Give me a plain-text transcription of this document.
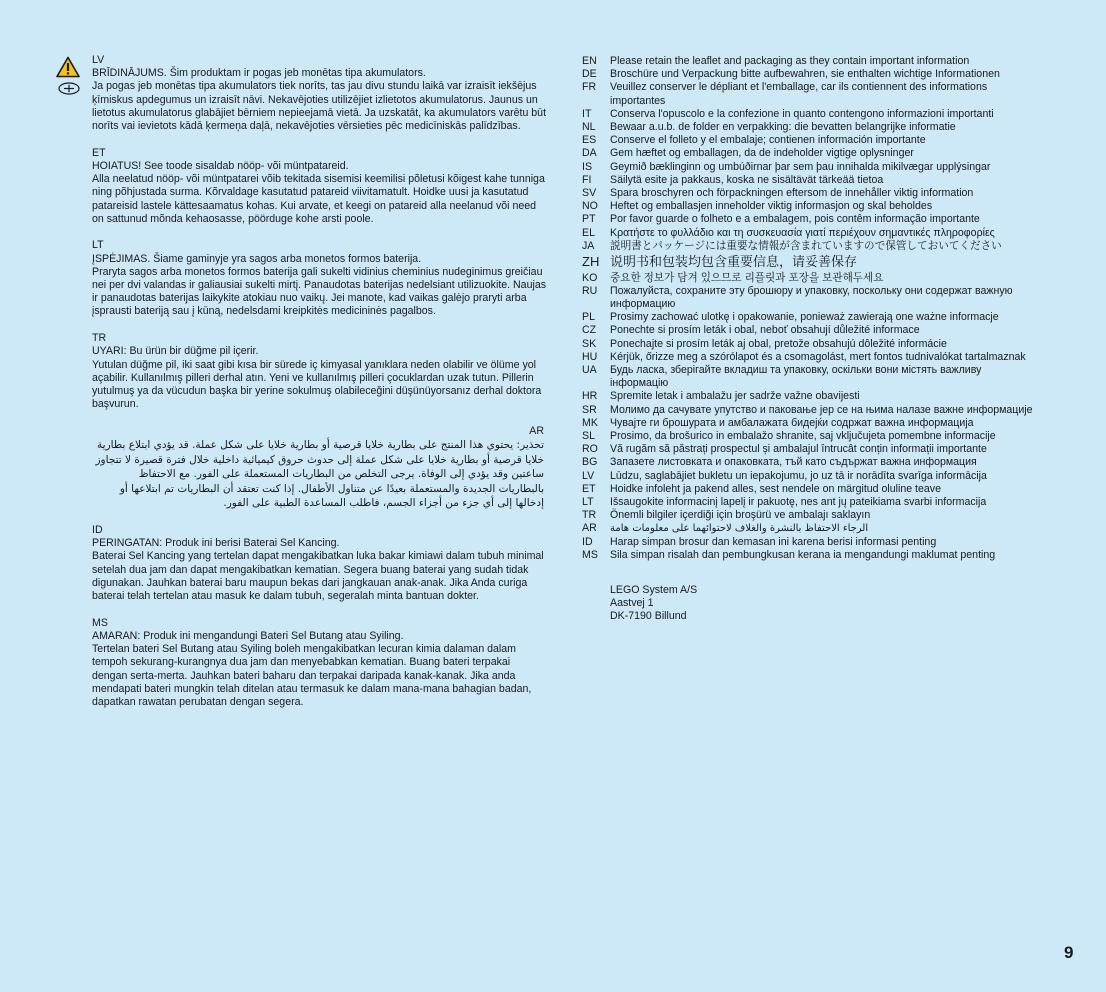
LV

BRĪDINĀJUMS. Šim produktam ir pogas jeb monētas tipa akumulators.

Ja pogas jeb monētas tipa akumulators tiek norīts, tas jau divu stundu laikā var izraisīt iekšējus ķīmiskus apdegumus un izraisīt nāvi. Nekavējoties utilizējiet izlietotos akumulatorus. Jaunus un lietotus akumulatorus glabājiet bērniem nepieejamā vietā. Ja uzskatāt, ka akumulators varētu būt norīts vai ievietots kādā ķermeņa daļā, nekavējoties vērsieties pēc medicīniskās palīdzības.

ET

HOIATUS! See toode sisaldab nööp- või müntpatareid.

Alla neelatud nööp- või müntpatarei võib tekitada sisemisi keemilisi põletusi kõigest kahe tunniga ning põhjustada surma. Kõrvaldage kasutatud patareid viivitamatult. Hoidke uusi ja kasutatud patareisid lastele kättesaamatus kohas. Kui arvate, et keegi on patareid alla neelanud või need on sattunud mõnda kehaosasse, pöörduge kohe arsti poole.

LT

ĮSPĖJIMAS. Šiame gaminyje yra sagos arba monetos formos baterija.

Praryta sagos arba monetos formos baterija gali sukelti vidinius cheminius nudeginimus greičiau nei per dvi valandas ir galiausiai sukelti mirtį. Panaudotas baterijas nedelsiant utilizuokite. Naujas ir panaudotas baterijas laikykite atokiau nuo vaikų. Jei manote, kad vaikas galėjo praryti arba įsprausti bateriją sau į kūną, nedelsdami kreipkitės medicininės pagalbos.

TR

UYARI: Bu ürün bir düğme pil içerir.

Yutulan düğme pil, iki saat gibi kısa bir sürede iç kimyasal yanıklara neden olabilir ve ölüme yol açabilir. Kullanılmış pilleri derhal atın. Yeni ve kullanılmış pilleri çocuklardan uzak tutun. Pillerin yutulmuş ya da vücudun başka bir yerine sokulmuş olabileceğini düşünüyorsanız derhal doktora başvurun.

AR

تحذير: يحتوي هذا المنتج على بطارية خلايا قرصية أو بطارية خلايا على شكل عملة. قد يؤدي ابتلاع بطارية خلايا قرصية أو بطارية خلايا على شكل عملة إلى حدوث حروق كيميائية داخلية خلال فترة قصيرة لا تتجاوز ساعتين وقد يؤدي إلى الوفاة. يرجى التخلص من البطاريات المستعملة على الفور. مع الاحتفاظ بالبطاريات الجديدة والمستعملة بعيدًا عن متناول الأطفال. إذا كنت تعتقد أن البطاريات تم ابتلاعها أو إدخالها إلى أي جزء من أجزاء الجسم، فاطلب المساعدة الطبية على الفور.

ID

PERINGATAN: Produk ini berisi Baterai Sel Kancing.

Baterai Sel Kancing yang tertelan dapat mengakibatkan luka bakar kimiawi dalam tubuh minimal setelah dua jam dan dapat mengakibatkan kematian. Segera buang baterai yang sudah tidak digunakan. Jauhkan baterai baru maupun bekas dari jangkauan anak-anak. Jika Anda curiga baterai telah tertelan atau masuk ke dalam tubuh, segeralah minta bantuan dokter.

MS

AMARAN: Produk ini mengandungi Bateri Sel Butang atau Syiling.

Tertelan bateri Sel Butang atau Syiling boleh mengakibatkan lecuran kimia dalaman dalam tempoh sekurang-kurangnya dua jam dan menyebabkan kematian. Buang bateri terpakai dengan serta-merta. Jauhkan bateri baharu dan terpakai daripada kanak-kanak. Jika anda mendapati bateri mungkin telah ditelan atau termasuk ke dalam mana-mana bahagian badan, dapatkan rawatan perubatan dengan segera.

EN	Please retain the leaflet and packaging as they contain important information
DE	Broschüre und Verpackung bitte aufbewahren, sie enthalten wichtige Informationen
FR	Veuillez conserver le dépliant et l'emballage, car ils contiennent des informations importantes
IT	Conserva l'opuscolo e la confezione in quanto contengono informazioni importanti
NL	Bewaar a.u.b. de folder en verpakking: die bevatten belangrijke informatie
ES	Conserve el folleto y el embalaje; contienen información importante
DA	Gem hæftet og emballagen, da de indeholder vigtige oplysninger
IS	Geymið bæklinginn og umbúðirnar þar sem þau innihalda mikilvægar upplýsingar
FI	Säilytä esite ja pakkaus, koska ne sisältävät tärkeää tietoa
SV	Spara broschyren och förpackningen eftersom de innehåller viktig information
NO	Heftet og emballasjen inneholder viktig informasjon og skal beholdes
PT	Por favor guarde o folheto e a embalagem, pois contêm informação importante
EL	Κρατήστε το φυλλάδιο και τη συσκευασία γιατί περιέχουν σημαντικές πληροφορίες
JA	説明書とパッケージには重要な情報が含まれていますので保管しておいてください
ZH 说明书和包装均包含重要信息，请妥善保存
KO	중요한 정보가 담겨 있으므로 리플릿과 포장을 보관해두세요
RU	Пожалуйста, сохраните эту брошюру и упаковку, поскольку они содержат важную информацию
PL	Prosimy zachować ulotkę i opakowanie, ponieważ zawierają one ważne informacje
CZ	Ponechte si prosím leták i obal, neboť obsahují důležité informace
SK	Ponechajte si prosím leták aj obal, pretože obsahujú dôležité informácie
HU	Kérjük, őrizze meg a szórólapot és a csomagolást, mert fontos tudnivalókat tartalmaznak
UA	Будь ласка, зберігайте вкладиш та упаковку, оскільки вони містять важливу інформацію
HR	Spremite letak i ambalažu jer sadrže važne obavijesti
SR	Молимо да сачувате упутство и паковање јер се на њима налазе важне информације
MK	Чувајте ги брошурата и амбалажата бидејќи содржат важна информација
SL	Prosimo, da brošurico in embalažo shranite, saj vključujeta pomembne informacije
RO	Vă rugăm să păstrați prospectul și ambalajul întrucât conțin informații importante
BG	Запазете листовката и опаковката, тъй като съдържат важна информация
LV	Lūdzu, saglabājiet bukletu un iepakojumu, jo uz tā ir norādīta svarīga informācija
ET	Hoidke infoleht ja pakend alles, sest nendele on märgitud oluline teave
LT	Išsaugokite informacinį lapelį ir pakuotę, nes ant jų pateikiama svarbi informacija
TR	Önemli bilgiler içerdiği için broşürü ve ambalajı saklayın
AR	الرجاء الاحتفاظ بالنشرة والغلاف لاحتوائهما على معلومات هامة
ID	Harap simpan brosur dan kemasan ini karena berisi informasi penting
MS	Sila simpan risalah dan pembungkusan kerana ia mengandungi maklumat penting
LEGO System A/S
Aastvej 1
DK-7190 Billund
9
